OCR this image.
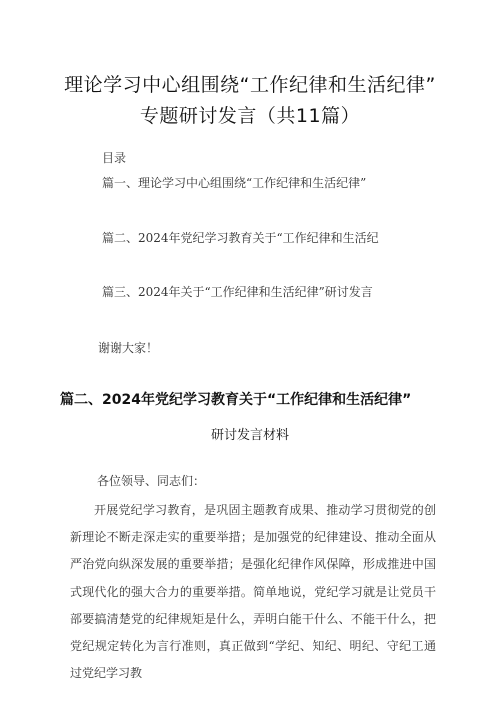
理论学习中心组围绕“工作纪律和生活纪律”
专题研讨发言（共11篇）
目录
篇一、理论学习中心组围绕“工作纪律和生活纪律”
篇二、2024年党纪学习教育关于“工作纪律和生活纪
篇三、2024年关于“工作纪律和生活纪律”研讨发言
谢谢大家！
篇二、2024年党纪学习教育关于“工作纪律和生活纪律”
研讨发言材料
各位领导、同志们：

开展党纪学习教育，是巩固主题教育成果、推动学习贯彻党的创新理论不断走深走实的重要举措；是加强党的纪律建设、推动全面从严治党向纵深发展的重要举措；是强化纪律作风保障，形成推进中国式现代化的强大合力的重要举措。简单地说，党纪学习就是让党员干部要搞清楚党的纪律规矩是什么，弄明白能干什么、不能干什么，把党纪规定转化为言行准则，真正做到“学纪、知纪、明纪、守纪工通过党纪学习教
